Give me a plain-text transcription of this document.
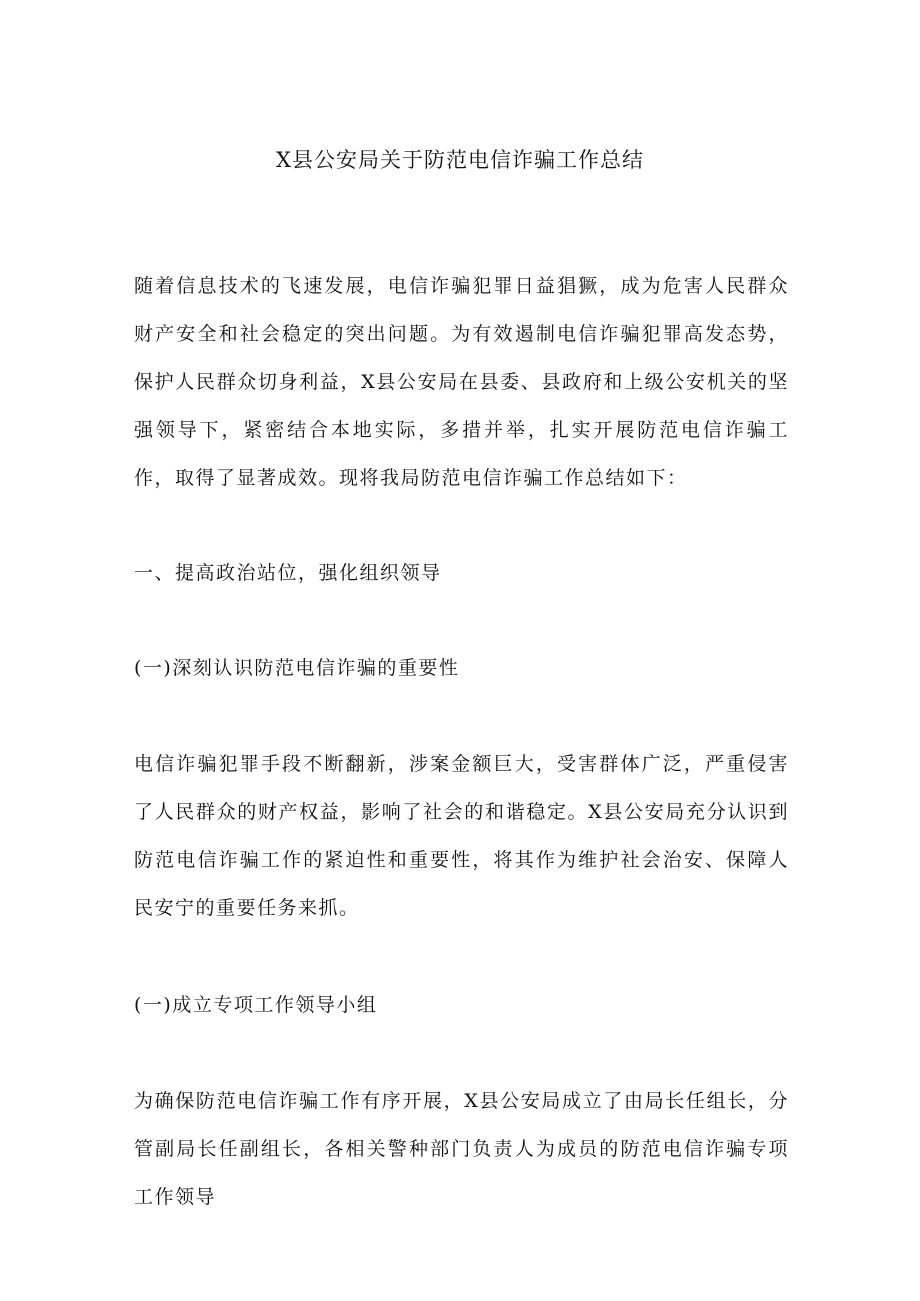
X县公安局关于防范电信诈骗工作总结

随着信息技术的飞速发展，电信诈骗犯罪日益猖獗，成为危害人民群众财产安全和社会稳定的突出问题。为有效遏制电信诈骗犯罪高发态势，保护人民群众切身利益，X县公安局在县委、县政府和上级公安机关的坚强领导下，紧密结合本地实际，多措并举，扎实开展防范电信诈骗工作，取得了显著成效。现将我局防范电信诈骗工作总结如下：

一、提高政治站位，强化组织领导

(一)深刻认识防范电信诈骗的重要性

电信诈骗犯罪手段不断翻新，涉案金额巨大，受害群体广泛，严重侵害了人民群众的财产权益，影响了社会的和谐稳定。X县公安局充分认识到防范电信诈骗工作的紧迫性和重要性，将其作为维护社会治安、保障人民安宁的重要任务来抓。

(一)成立专项工作领导小组

为确保防范电信诈骗工作有序开展，X县公安局成立了由局长任组长，分管副局长任副组长，各相关警种部门负责人为成员的防范电信诈骗专项工作领导
